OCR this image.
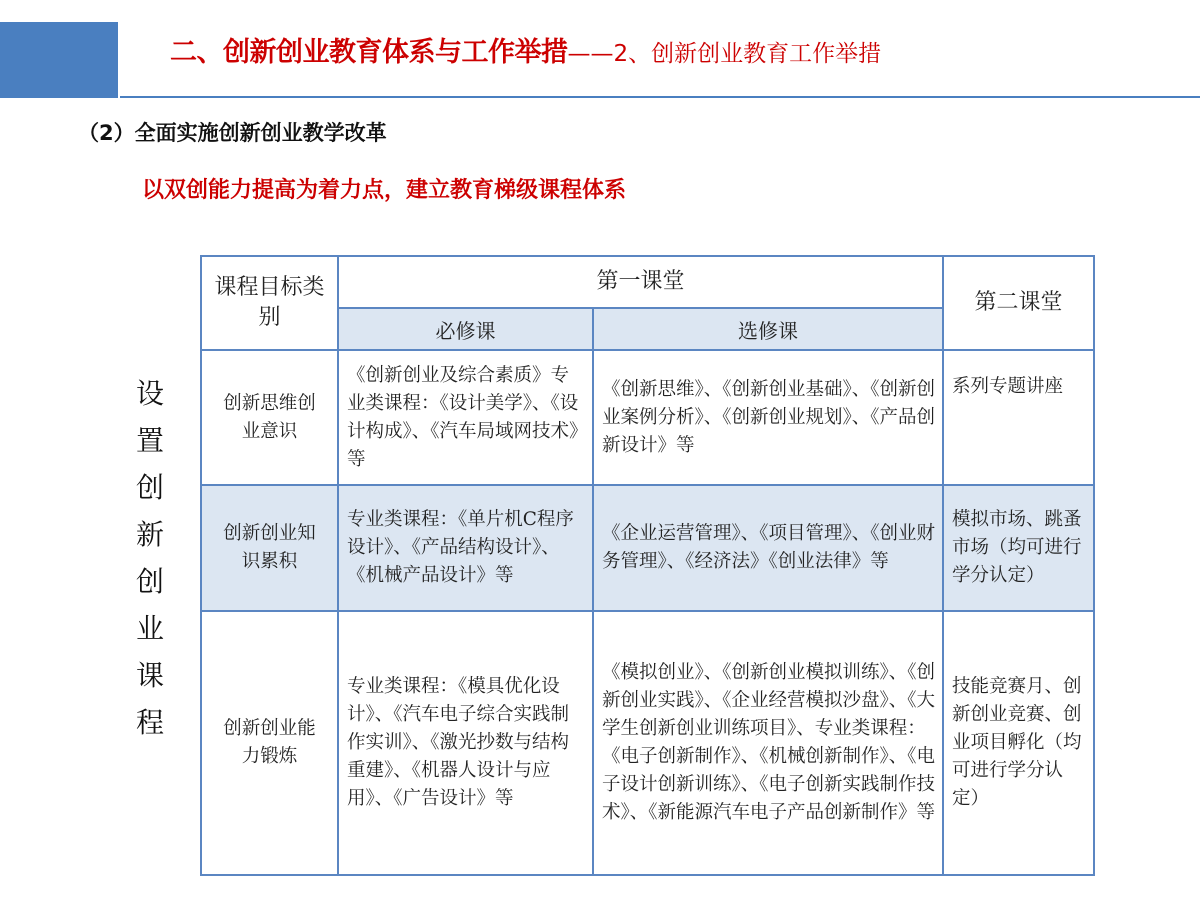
二、创新创业教育体系与工作举措 ——2、创新创业教育工作举措
（2）全面实施创新创业教学改革
以双创能力提高为着力点，建立教育梯级课程体系
设
置
创
新
创
业
课
程
课程目标类别	第一课堂		第二课堂
	必修课	选修课	
创新思维创业意识	《创新创业及综合素质》专业类课程：《设计美学》、《设计构成》、《汽车局域网技术》等	《创新思维》、《创新创业基础》、《创新创业案例分析》、《创新创业规划》、《产品创新设计》等	系列专题讲座
创新创业知识累积	专业类课程：《单片机C程序设计》、《产品结构设计》、《机械产品设计》等	《企业运营管理》、《项目管理》、《创业财务管理》、《经济法》《创业法律》等	模拟市场、跳蚤市场（均可进行学分认定）
创新创业能力锻炼	专业类课程：《模具优化设计》、《汽车电子综合实践制作实训》、《激光抄数与结构重建》、《机器人设计与应用》、《广告设计》等	《模拟创业》、《创新创业模拟训练》、《创新创业实践》、《企业经营模拟沙盘》、《大学生创新创业训练项目》、专业类课程：《电子创新制作》、《机械创新制作》、《电子设计创新训练》、《电子创新实践制作技术》、《新能源汽车电子产品创新制作》等	技能竞赛月、创新创业竞赛、创业项目孵化（均可进行学分认定）
